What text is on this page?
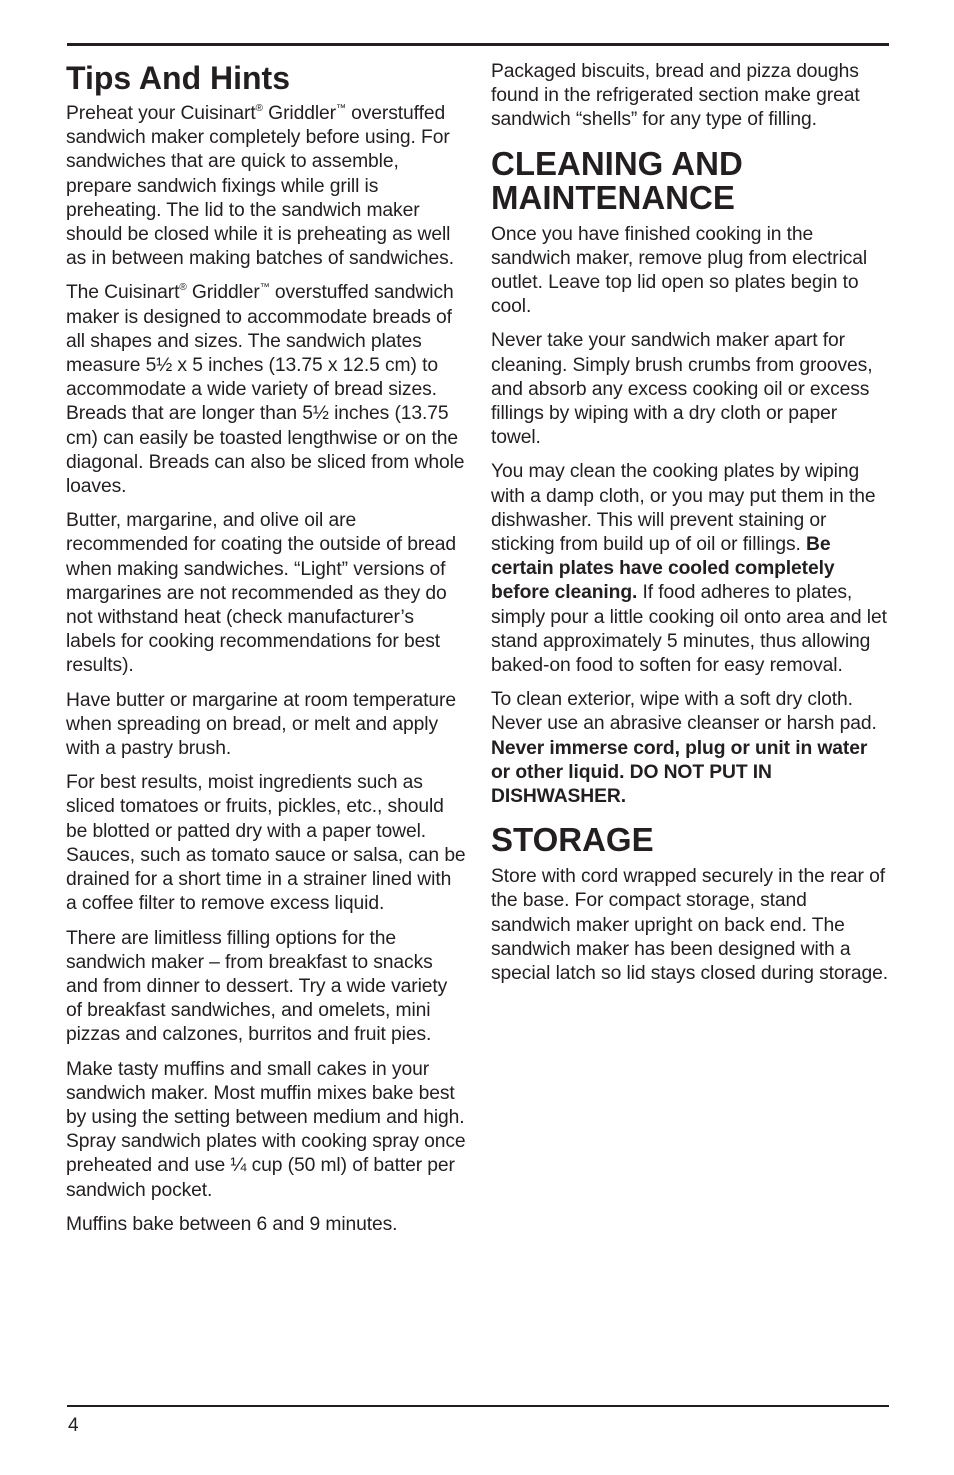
Tips And Hints

Preheat your Cuisinart® Griddler™ overstuffed sandwich maker completely before using. For sandwiches that are quick to assemble, prepare sandwich fixings while grill is preheating. The lid to the sandwich maker should be closed while it is preheating as well as in between making batches of sandwiches.

The Cuisinart® Griddler™ overstuffed sandwich maker is designed to accommodate breads of all shapes and sizes. The sandwich plates measure 5½ x 5 inches (13.75 x 12.5 cm) to accommodate a wide variety of bread sizes. Breads that are longer than 5½ inches (13.75 cm) can easily be toasted lengthwise or on the diagonal. Breads can also be sliced from whole loaves.

Butter, margarine, and olive oil are recommended for coating the outside of bread when making sandwiches. “Light” versions of margarines are not recommended as they do not withstand heat (check manufacturer’s labels for cooking recommendations for best results).

Have butter or margarine at room temperature when spreading on bread, or melt and apply with a pastry brush.

For best results, moist ingredients such as sliced tomatoes or fruits, pickles, etc., should be blotted or patted dry with a paper towel. Sauces, such as tomato sauce or salsa, can be drained for a short time in a strainer lined with a coffee filter to remove excess liquid.

There are limitless filling options for the sandwich maker – from breakfast to snacks and from dinner to dessert. Try a wide variety of breakfast sandwiches, and omelets, mini pizzas and calzones, burritos and fruit pies.

Make tasty muffins and small cakes in your sandwich maker. Most muffin mixes bake best by using the setting between medium and high. Spray sandwich plates with cooking spray once preheated and use ¼ cup (50 ml) of batter per sandwich pocket.

Muffins bake between 6 and 9 minutes.

Packaged biscuits, bread and pizza doughs found in the refrigerated section make great sandwich “shells” for any type of filling.

CLEANING AND MAINTENANCE

Once you have finished cooking in the sandwich maker, remove plug from electrical outlet. Leave top lid open so plates begin to cool.

Never take your sandwich maker apart for cleaning. Simply brush crumbs from grooves, and absorb any excess cooking oil or excess fillings by wiping with a dry cloth or paper towel.

You may clean the cooking plates by wiping with a damp cloth, or you may put them in the dishwasher. This will prevent staining or sticking from build up of oil or fillings. Be certain plates have cooled completely before cleaning. If food adheres to plates, simply pour a little cooking oil onto area and let stand approximately 5 minutes, thus allowing baked-on food to soften for easy removal.

To clean exterior, wipe with a soft dry cloth. Never use an abrasive cleanser or harsh pad. Never immerse cord, plug or unit in water or other liquid. DO NOT PUT IN DISHWASHER.

STORAGE

Store with cord wrapped securely in the rear of the base. For compact storage, stand sandwich maker upright on back end. The sandwich maker has been designed with a special latch so lid stays closed during storage.

4
